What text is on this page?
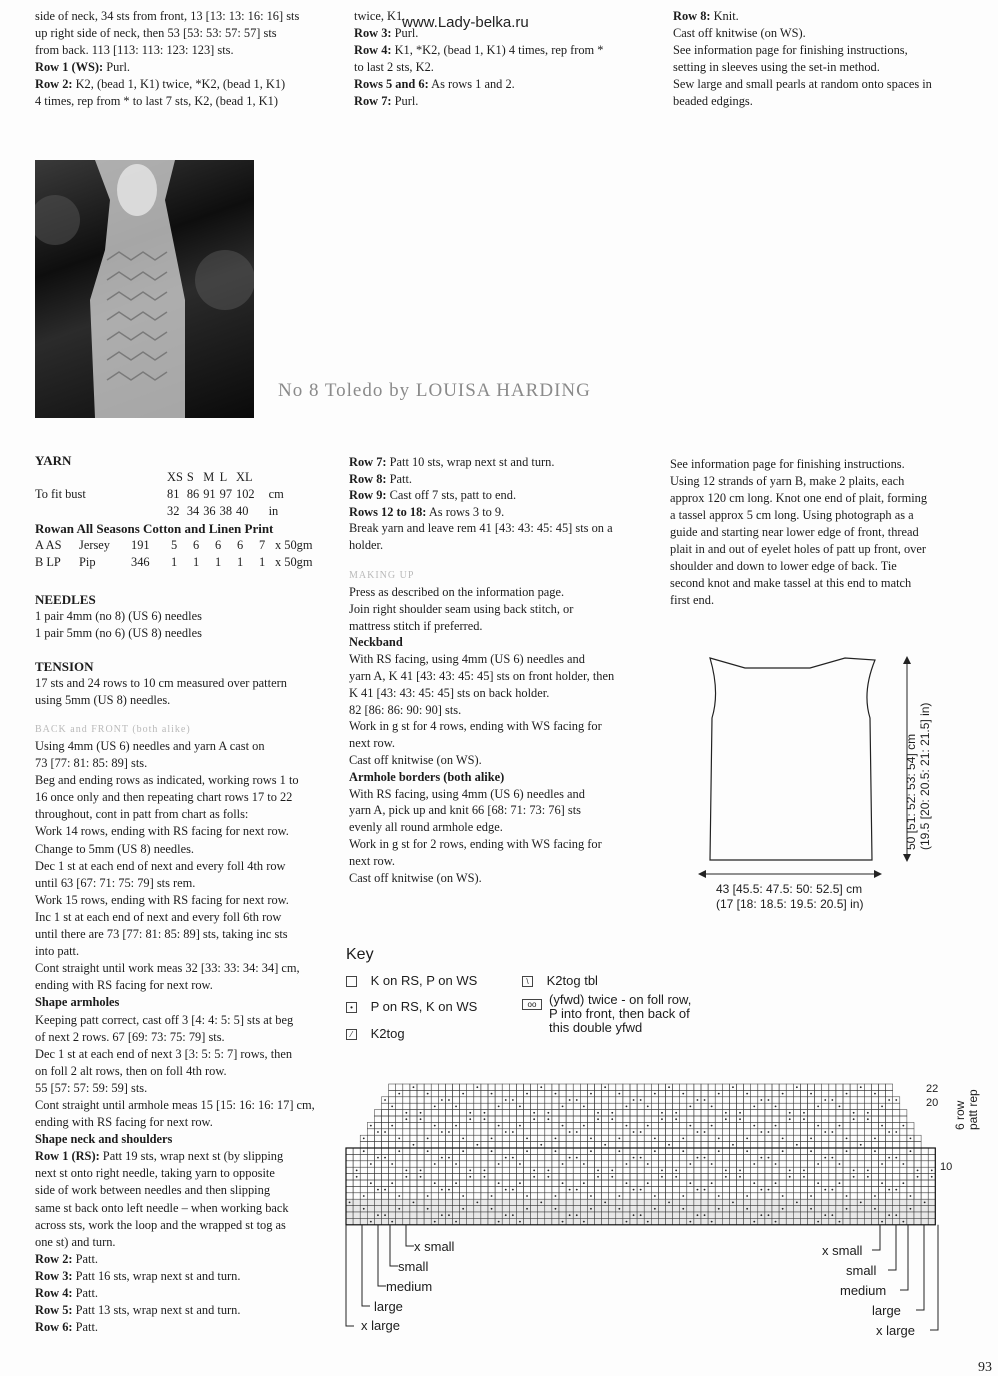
side of neck, 34 sts from front, 13 [13: 13: 16: 16] sts

up right side of neck, then 53 [53: 53: 57: 57] sts

from back. 113 [113: 113: 123: 123] sts.

Row 1 (WS): Purl.

Row 2: K2, (bead 1, K1) twice, *K2, (bead 1, K1)

4 times, rep from * to last 7 sts, K2, (bead 1, K1)

twice, K1.

Row 3: Purl.

Row 4: K1, *K2, (bead 1, K1) 4 times, rep from *

to last 2 sts, K2.

Rows 5 and 6: As rows 1 and 2.

Row 7: Purl.

www.Lady-belka.ru	Row 8: Knit.

Cast off knitwise (on WS).

See information page for finishing instructions,

setting in sleeves using the set-in method.

Sew large and small pearls at random onto spaces in

beaded edgings.

No 8 Toledo by LOUISA HARDING

YARN

	XS	S	M	L	XL	
To fit bust	81	86	91	97	102	cm
	32	34	36	38	40	in

Rowan All Seasons Cotton and Linen Print

A AS	Jersey	191	5	6	6	6	7	x 50gm
B LP	Pip	346	1	1	1	1	1	x 50gm

NEEDLES

1 pair 4mm (no 8) (US 6) needles

1 pair 5mm (no 6) (US 8) needles

TENSION

17 sts and 24 rows to 10 cm measured over pattern

using 5mm (US 8) needles.

BACK and FRONT (both alike)

Using 4mm (US 6) needles and yarn A cast on

73 [77: 81: 85: 89] sts.

Beg and ending rows as indicated, working rows 1 to

16 once only and then repeating chart rows 17 to 22

throughout, cont in patt from chart as folls:

Work 14 rows, ending with RS facing for next row.

Change to 5mm (US 8) needles.

Dec 1 st at each end of next and every foll 4th row

until 63 [67: 71: 75: 79] sts rem.

Work 15 rows, ending with RS facing for next row.

Inc 1 st at each end of next and every foll 6th row

until there are 73 [77: 81: 85: 89] sts, taking inc sts

into patt.

Cont straight until work meas 32 [33: 33: 34: 34] cm,

ending with RS facing for next row.

Shape armholes

Keeping patt correct, cast off 3 [4: 4: 5: 5] sts at beg

of next 2 rows. 67 [69: 73: 75: 79] sts.

Dec 1 st at each end of next 3 [3: 5: 5: 7] rows, then

on foll 2 alt rows, then on foll 4th row.

55 [57: 57: 59: 59] sts.

Cont straight until armhole meas 15 [15: 16: 16: 17] cm,

ending with RS facing for next row.

Shape neck and shoulders

Row 1 (RS): Patt 19 sts, wrap next st (by slipping

next st onto right needle, taking yarn to opposite

side of work between needles and then slipping

same st back onto left needle – when working back

across sts, work the loop and the wrapped st tog as

one st) and turn.

Row 2: Patt.

Row 3: Patt 16 sts, wrap next st and turn.

Row 4: Patt.

Row 5: Patt 13 sts, wrap next st and turn.

Row 6: Patt.

Row 7: Patt 10 sts, wrap next st and turn.

Row 8: Patt.

Row 9: Cast off 7 sts, patt to end.

Rows 12 to 18: As rows 3 to 9.

Break yarn and leave rem 41 [43: 43: 45: 45] sts on a

holder.

MAKING UP

Press as described on the information page.

Join right shoulder seam using back stitch, or

mattress stitch if preferred.

Neckband

With RS facing, using 4mm (US 6) needles and

yarn A, K 41 [43: 43: 45: 45] sts on front holder, then

K 41 [43: 43: 45: 45] sts on back holder.

82 [86: 86: 90: 90] sts.

Work in g st for 4 rows, ending with WS facing for

next row.

Cast off knitwise (on WS).

Armhole borders (both alike)

With RS facing, using 4mm (US 6) needles and

yarn A, pick up and knit 66 [68: 71: 73: 76] sts

evenly all round armhole edge.

Work in g st for 2 rows, ending with WS facing for

next row.

Cast off knitwise (on WS).

See information page for finishing instructions.

Using 12 strands of yarn B, make 2 plaits, each

approx 120 cm long. Knot one end of plait, forming

a tassel approx 5 cm long. Using photograph as a

guide and starting near lower edge of front, thread

plait in and out of eyelet holes of patt up front, over

shoulder and down to lower edge of back. Tie

second knot and make tassel at this end to match

first end.

50 [51: 52: 53: 54] cm (19.5 [20: 20.5: 21: 21.5] in)
43 [45.5: 47.5: 50: 52.5] cm
(17 [18: 18.5: 19.5: 20.5] in)
Key
K on RS, P on WS
• P on RS, K on WS
⁄ K2tog
\ K2tog tbl
oo (yfwd) twice - on foll row,
P into front, then back of
this double yfwd
22
20
10
6 row patt rep
x small
small
medium
large
x large
x small
small
medium
large
x large
93
